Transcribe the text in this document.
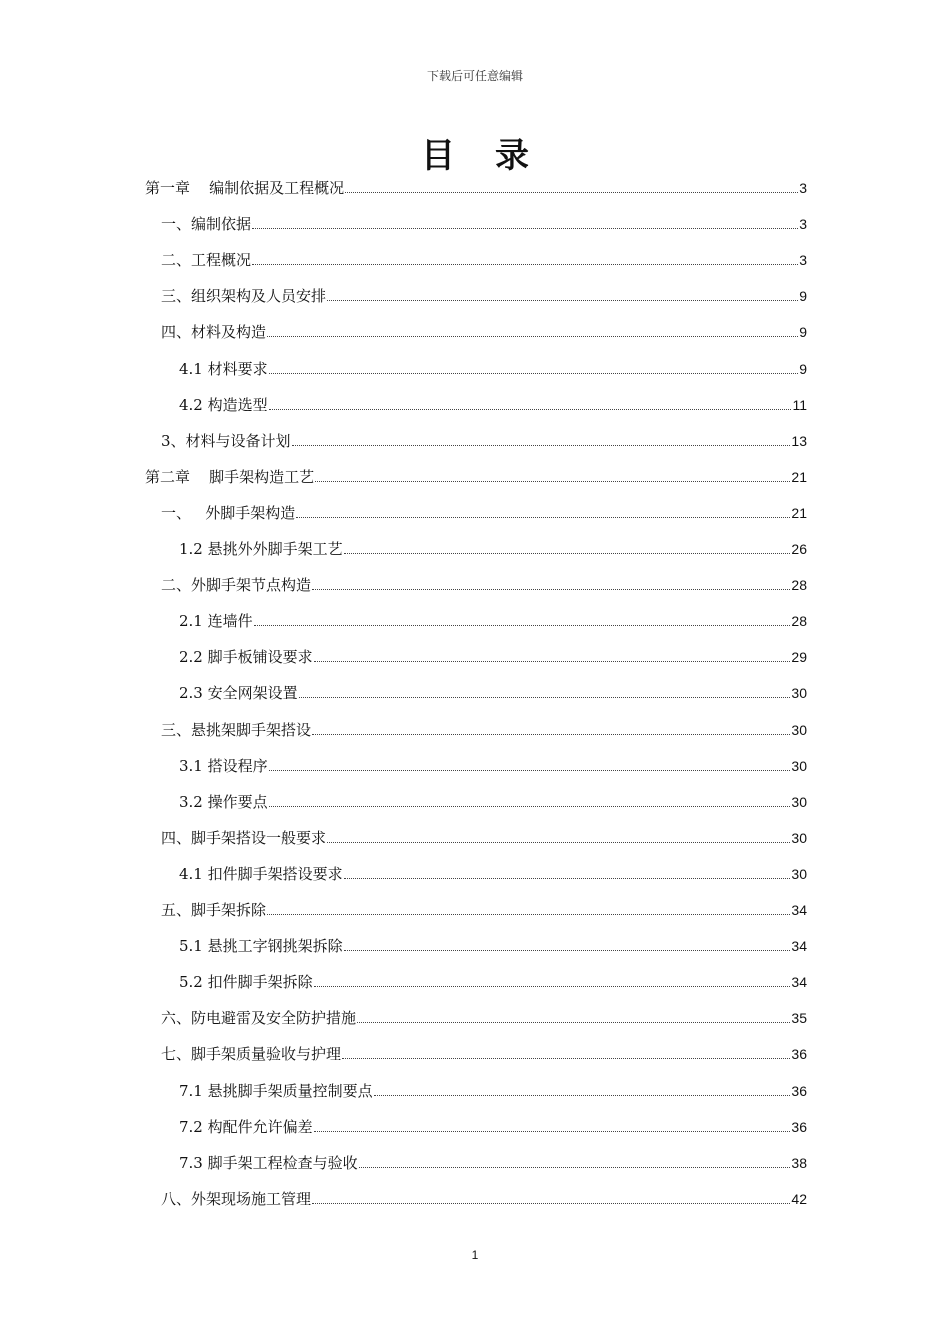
下载后可任意编辑
目录
第一章    编制依据及工程概况	3
一、编制依据	3
二、工程概况	3
三、组织架构及人员安排	9
四、材料及构造	9
4.1 材料要求	9
4.2 构造选型	11
3、材料与设备计划	13
第二章    脚手架构造工艺	21
一、   外脚手架构造	21
1.2 悬挑外外脚手架工艺	26
二、外脚手架节点构造	28
2.1 连墙件	28
2.2 脚手板铺设要求	29
2.3 安全网架设置	30
三、悬挑架脚手架搭设	30
3.1 搭设程序	30
3.2 操作要点	30
四、脚手架搭设一般要求	30
4.1 扣件脚手架搭设要求	30
五、脚手架拆除	34
5.1 悬挑工字钢挑架拆除	34
5.2 扣件脚手架拆除	34
六、防电避雷及安全防护措施	35
七、脚手架质量验收与护理	36
7.1 悬挑脚手架质量控制要点	36
7.2 构配件允许偏差	36
7.3 脚手架工程检查与验收	38
八、外架现场施工管理	42
1
